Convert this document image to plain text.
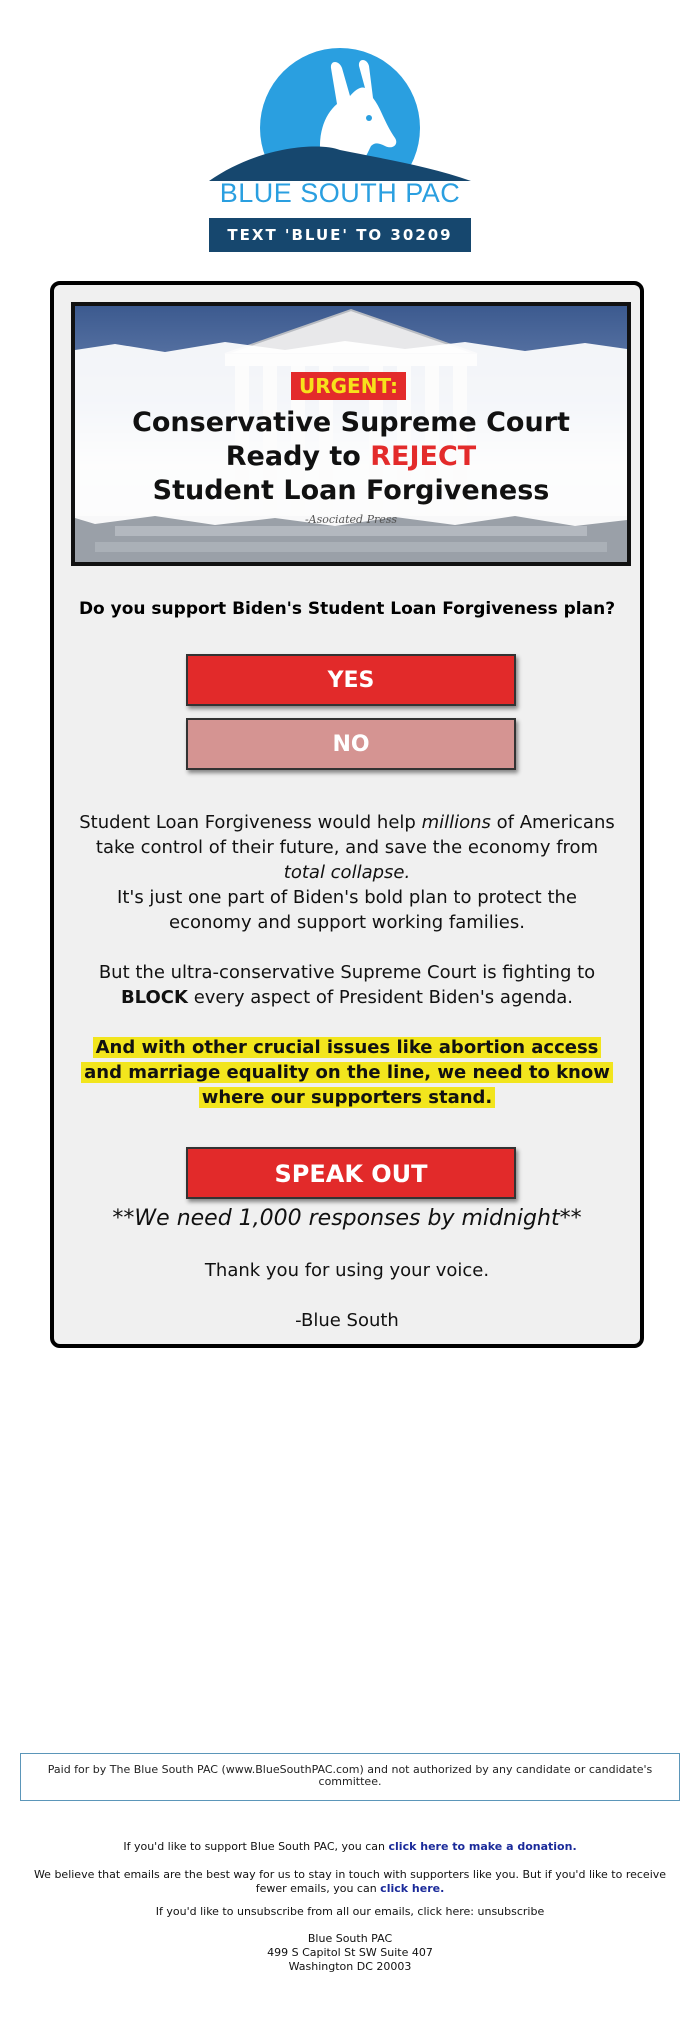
BLUE SOUTH PAC
TEXT 'BLUE' TO 30209
URGENT:
Conservative Supreme Court
Ready to REJECT
Student Loan Forgiveness
-Asociated Press
Do you support Biden's Student Loan Forgiveness plan?
YES
NO
Student Loan Forgiveness would help millions of Americans take control of their future, and save the economy from total collapse.
It's just one part of Biden's bold plan to protect the economy and support working families.
But the ultra-conservative Supreme Court is fighting to BLOCK every aspect of President Biden's agenda.
And with other crucial issues like abortion access and marriage equality on the line, we need to know where our supporters stand.
SPEAK OUT
**We need 1,000 responses by midnight**
Thank you for using your voice.
-Blue South
Paid for by The Blue South PAC (www.BlueSouthPAC.com) and not authorized by any candidate or candidate's committee.
If you'd like to support Blue South PAC, you can click here to make a donation.
We believe that emails are the best way for us to stay in touch with supporters like you. But if you'd like to receive fewer emails, you can click here.
If you'd like to unsubscribe from all our emails, click here: unsubscribe
Blue South PAC
499 S Capitol St SW Suite 407
Washington DC 20003
